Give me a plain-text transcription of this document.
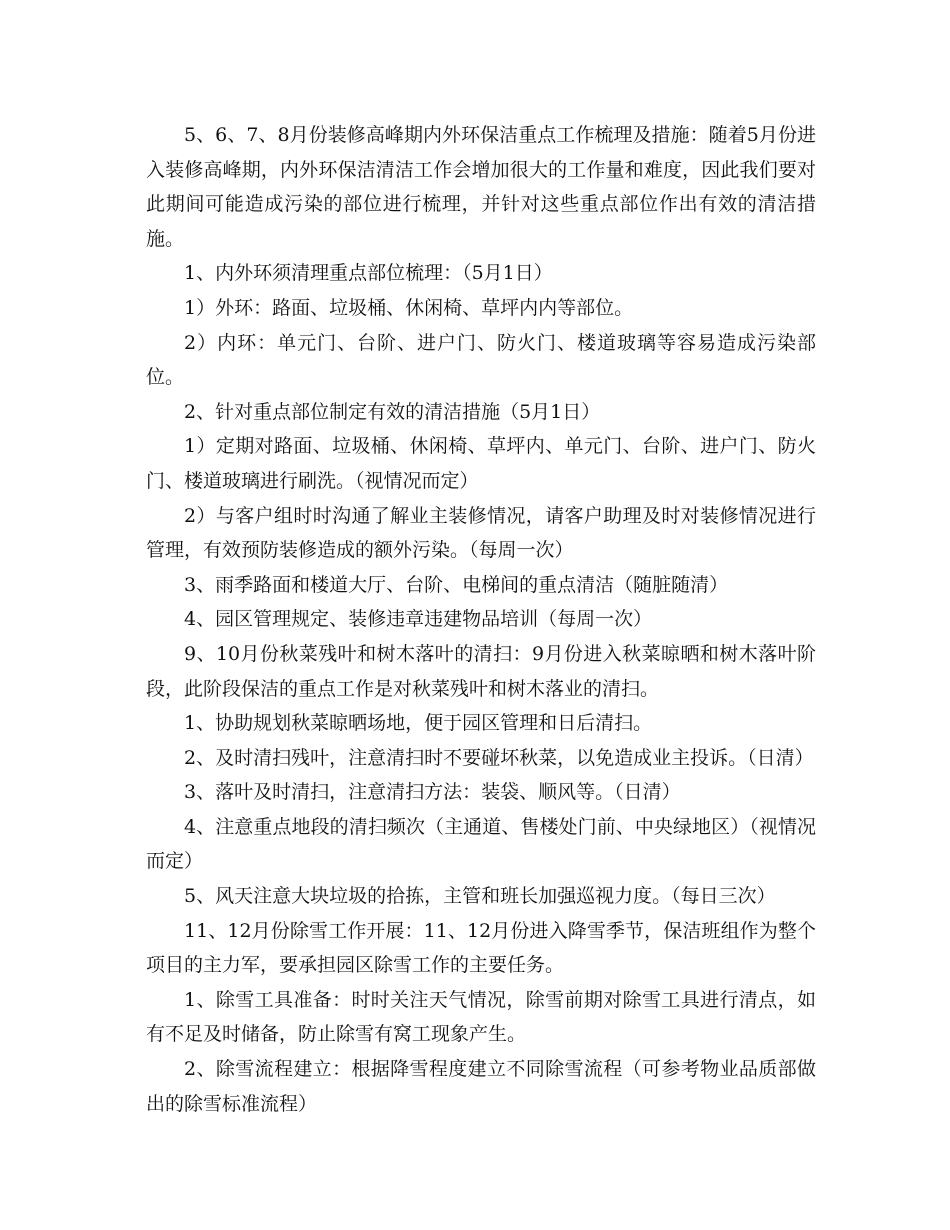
5、6、7、8月份装修高峰期内外环保洁重点工作梳理及措施：随着5月份进入装修高峰期，内外环保洁清洁工作会增加很大的工作量和难度，因此我们要对此期间可能造成污染的部位进行梳理，并针对这些重点部位作出有效的清洁措施。

1、内外环须清理重点部位梳理：（5月1日）

1）外环：路面、垃圾桶、休闲椅、草坪内内等部位。

2）内环：单元门、台阶、进户门、防火门、楼道玻璃等容易造成污染部位。

2、针对重点部位制定有效的清洁措施（5月1日）

1）定期对路面、垃圾桶、休闲椅、草坪内、单元门、台阶、进户门、防火门、楼道玻璃进行刷洗。（视情况而定）

2）与客户组时时沟通了解业主装修情况，请客户助理及时对装修情况进行管理，有效预防装修造成的额外污染。（每周一次）

3、雨季路面和楼道大厅、台阶、电梯间的重点清洁（随脏随清）

4、园区管理规定、装修违章违建物品培训（每周一次）

9、10月份秋菜残叶和树木落叶的清扫：9月份进入秋菜晾晒和树木落叶阶段，此阶段保洁的重点工作是对秋菜残叶和树木落业的清扫。

1、协助规划秋菜晾晒场地，便于园区管理和日后清扫。

2、及时清扫残叶，注意清扫时不要碰坏秋菜，以免造成业主投诉。（日清）

3、落叶及时清扫，注意清扫方法：装袋、顺风等。（日清）

4、注意重点地段的清扫频次（主通道、售楼处门前、中央绿地区）（视情况而定）

5、风天注意大块垃圾的拾拣，主管和班长加强巡视力度。（每日三次）

11、12月份除雪工作开展：11、12月份进入降雪季节，保洁班组作为整个项目的主力军，要承担园区除雪工作的主要任务。

1、除雪工具准备：时时关注天气情况，除雪前期对除雪工具进行清点，如有不足及时储备，防止除雪有窝工现象产生。

2、除雪流程建立：根据降雪程度建立不同除雪流程（可参考物业品质部做出的除雪标准流程）
